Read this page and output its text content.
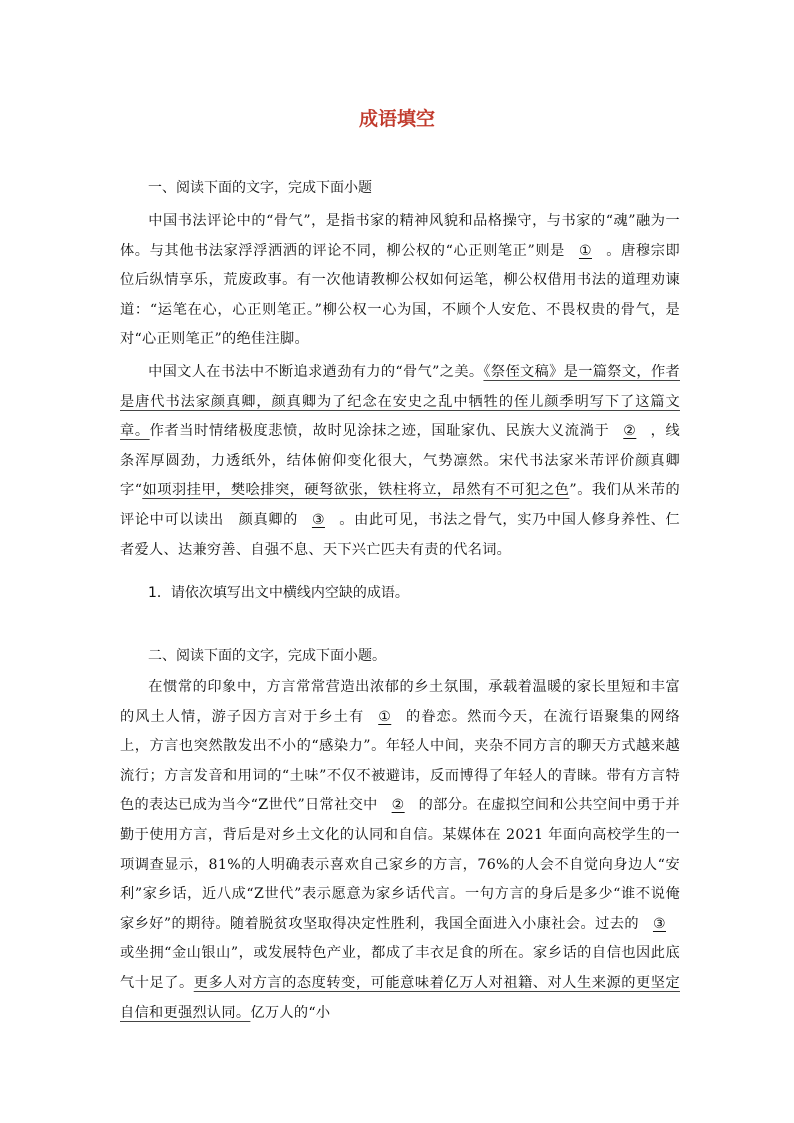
成语填空
一、阅读下面的文字，完成下面小题

中国书法评论中的“骨气”，是指书家的精神风貌和品格操守，与书家的“魂”融为一体。与其他书法家浮浮洒洒的评论不同，柳公权的“心正则笔正”则是 ① 。唐穆宗即 位后纵情享乐，荒废政事。有一次他请教柳公权如何运笔，柳公权借用书法的道理劝谏道：“运笔在心，心正则笔正。”柳公权一心为国，不顾个人安危、不畏权贵的骨气，是对“心正则笔正”的绝佳注脚。

中国文人在书法中不断追求遒劲有力的“骨气”之美。《祭侄文稿》是一篇祭文，作者是唐代书法家颜真卿，颜真卿为了纪念在安史之乱中牺牲的侄儿颜季明写下了这篇文章。作者当时情绪极度悲愤，故时见涂抹之迹，国耻家仇、民族大义流淌于 ② ，线条浑厚圆劲，力透纸外，结体俯仰变化很大，气势凛然。宋代书法家米芾评价颜真卿字“如项羽挂甲，樊哙排突，硬弩欲张，铁柱将立，昂然有不可犯之色”。我们从米芾的评论中可以读出　颜真卿的 ③ 。由此可见，书法之骨气，实乃中国人修身养性、仁者爱人、达兼穷善、自强不息、天下兴亡匹夫有责的代名词。

1．请依次填写出文中横线内空缺的成语。
二、阅读下面的文字，完成下面小题。

在惯常的印象中，方言常常营造出浓郁的乡土氛围，承载着温暖的家长里短和丰富的风土人情，游子因方言对于乡土有 ① 的眷恋。然而今天，在流行语聚集的网络上，方言也突然散发出不小的“感染力”。年轻人中间，夹杂不同方言的聊天方式越来越流行；方言发音和用词的“土味”不仅不被避讳，反而博得了年轻人的青睐。带有方言特色的表达已成为当今“Z世代”日常社交中 ② 的部分。在虚拟空间和公共空间中勇于并勤于使用方言，背后是对乡土文化的认同和自信。某媒体在 2021 年面向高校学生的一项调查显示，81%的人明确表示喜欢自己家乡的方言，76%的人会不自觉向身边人“安利”家乡话，近八成“Z世代”表示愿意为家乡话代言。一句方言的身后是多少“谁不说俺家乡好”的期待。随着脱贫攻坚取得决定性胜利，我国全面进入小康社会。过去的 ③或坐拥“金山银山”，或发展特色产业，都成了丰衣足食的所在。家乡话的自信也因此底气十足了。更多人对方言的态度转变，可能意味着亿万人对祖籍、对人生来源的更坚定自信和更强烈认同。亿万人的“小
